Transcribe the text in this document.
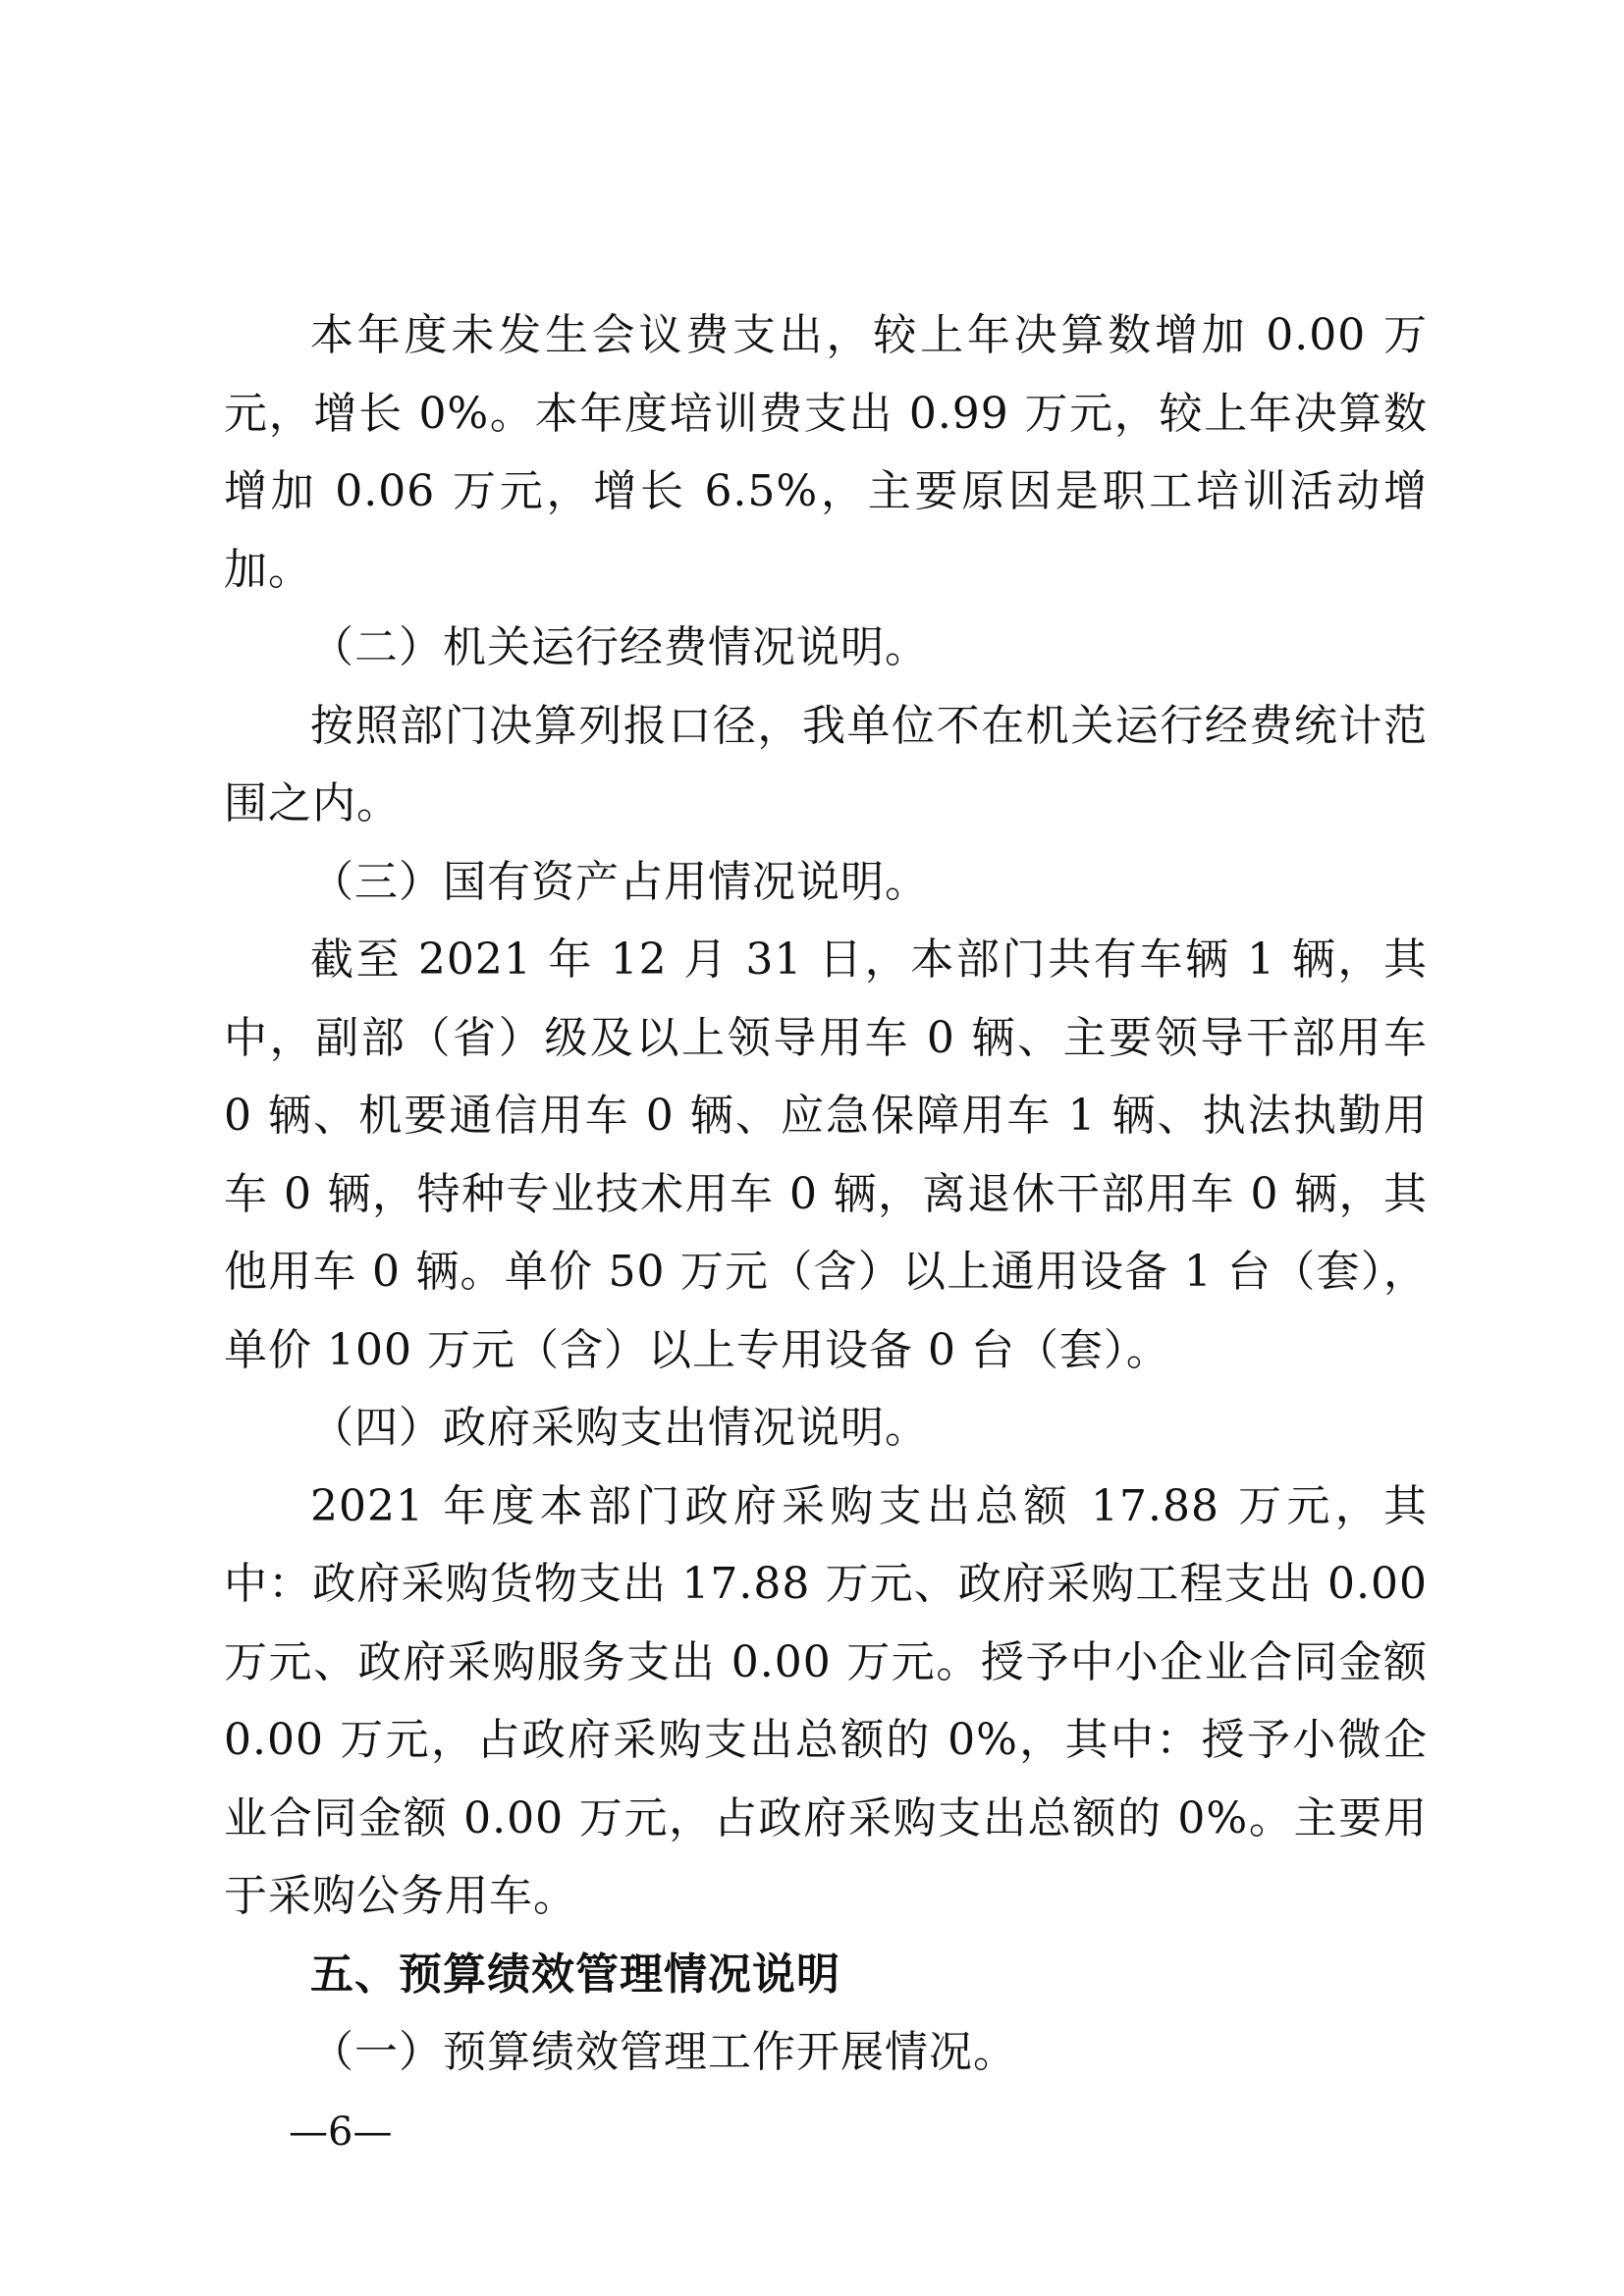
本年度未发生会议费支出，较上年决算数增加 0.00 万元，增长 0%。本年度培训费支出 0.99 万元，较上年决算数增加 0.06 万元，增长 6.5%，主要原因是职工培训活动增加。

（二）机关运行经费情况说明。

按照部门决算列报口径，我单位不在机关运行经费统计范围之内。

（三）国有资产占用情况说明。

截至 2021 年 12 月 31 日，本部门共有车辆 1 辆，其中，副部（省）级及以上领导用车 0 辆、主要领导干部用车 0 辆、机要通信用车 0 辆、应急保障用车 1 辆、执法执勤用车 0 辆，特种专业技术用车 0 辆，离退休干部用车 0 辆，其他用车 0 辆。单价 50 万元（含）以上通用设备 1 台（套），单价 100 万元（含）以上专用设备 0 台（套）。

（四）政府采购支出情况说明。

2021 年度本部门政府采购支出总额 17.88 万元，其中：政府采购货物支出 17.88 万元、政府采购工程支出 0.00 万元、政府采购服务支出 0.00 万元。授予中小企业合同金额 0.00 万元，占政府采购支出总额的 0%，其中：授予小微企业合同金额 0.00 万元，占政府采购支出总额的 0%。主要用于采购公务用车。

五、预算绩效管理情况说明

（一）预算绩效管理工作开展情况。

—6—
